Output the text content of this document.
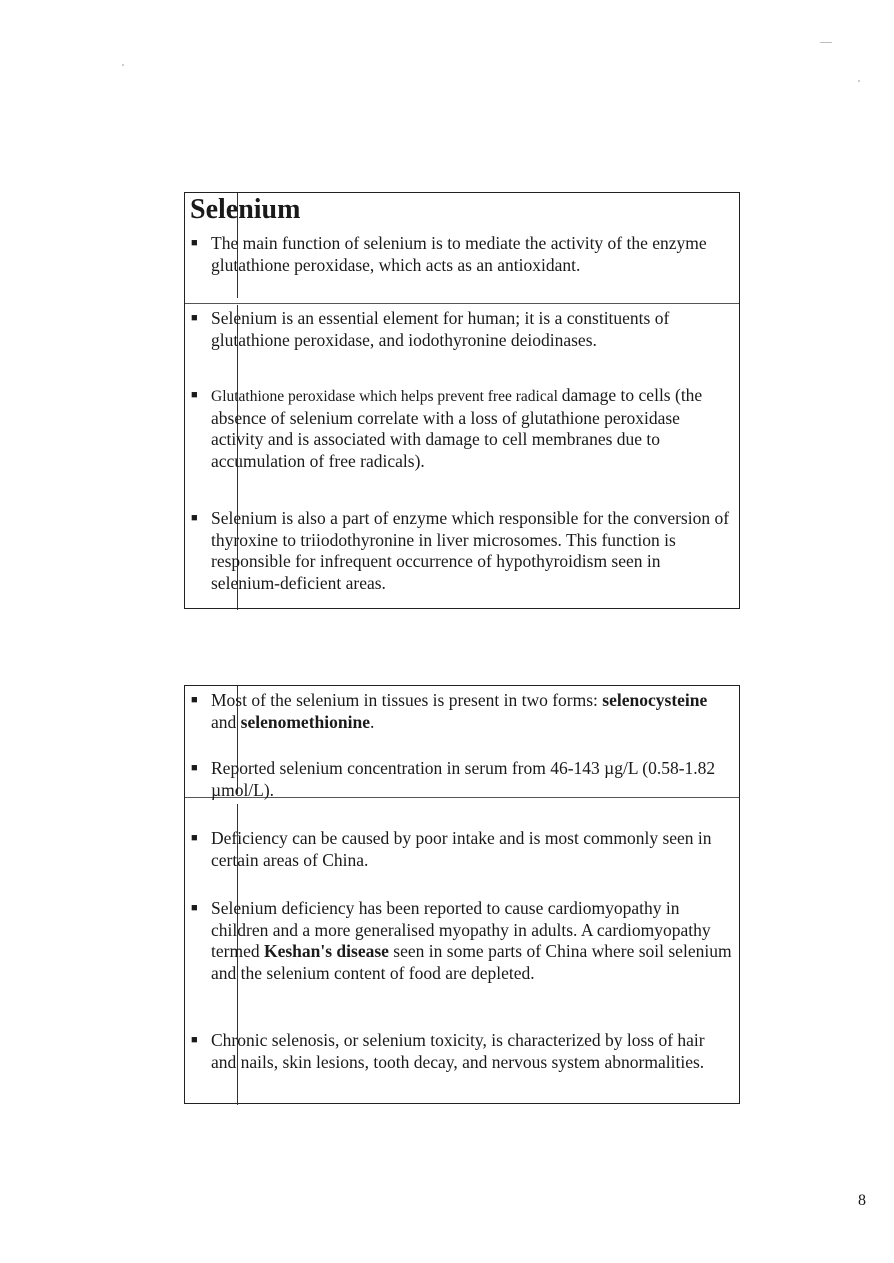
Selenium
■ The main function of selenium is to mediate the activity of the enzyme glutathione peroxidase, which acts as an antioxidant.
■ Selenium is an essential element for human; it is a constituents of glutathione peroxidase, and iodothyronine deiodinases.
■ Glutathione peroxidase which helps prevent free radical damage to cells (the absence of selenium correlate with a loss of glutathione peroxidase activity and is associated with damage to cell membranes due to accumulation of free radicals).
■ Selenium is also a part of enzyme which responsible for the conversion of thyroxine to triiodothyronine in liver microsomes. This function is responsible for infrequent occurrence of hypothyroidism seen in selenium-deficient areas.
■ Most of the selenium in tissues is present in two forms: selenocysteine and selenomethionine.
■ Reported selenium concentration in serum from 46-143 µg/L (0.58-1.82 µmol/L).
■ Deficiency can be caused by poor intake and is most commonly seen in certain areas of China.
■ Selenium deficiency has been reported to cause cardiomyopathy in children and a more generalised myopathy in adults. A cardiomyopathy termed Keshan's disease seen in some parts of China where soil selenium and the selenium content of food are depleted.
■ Chronic selenosis, or selenium toxicity, is characterized by loss of hair and nails, skin lesions, tooth decay, and nervous system abnormalities.
8
